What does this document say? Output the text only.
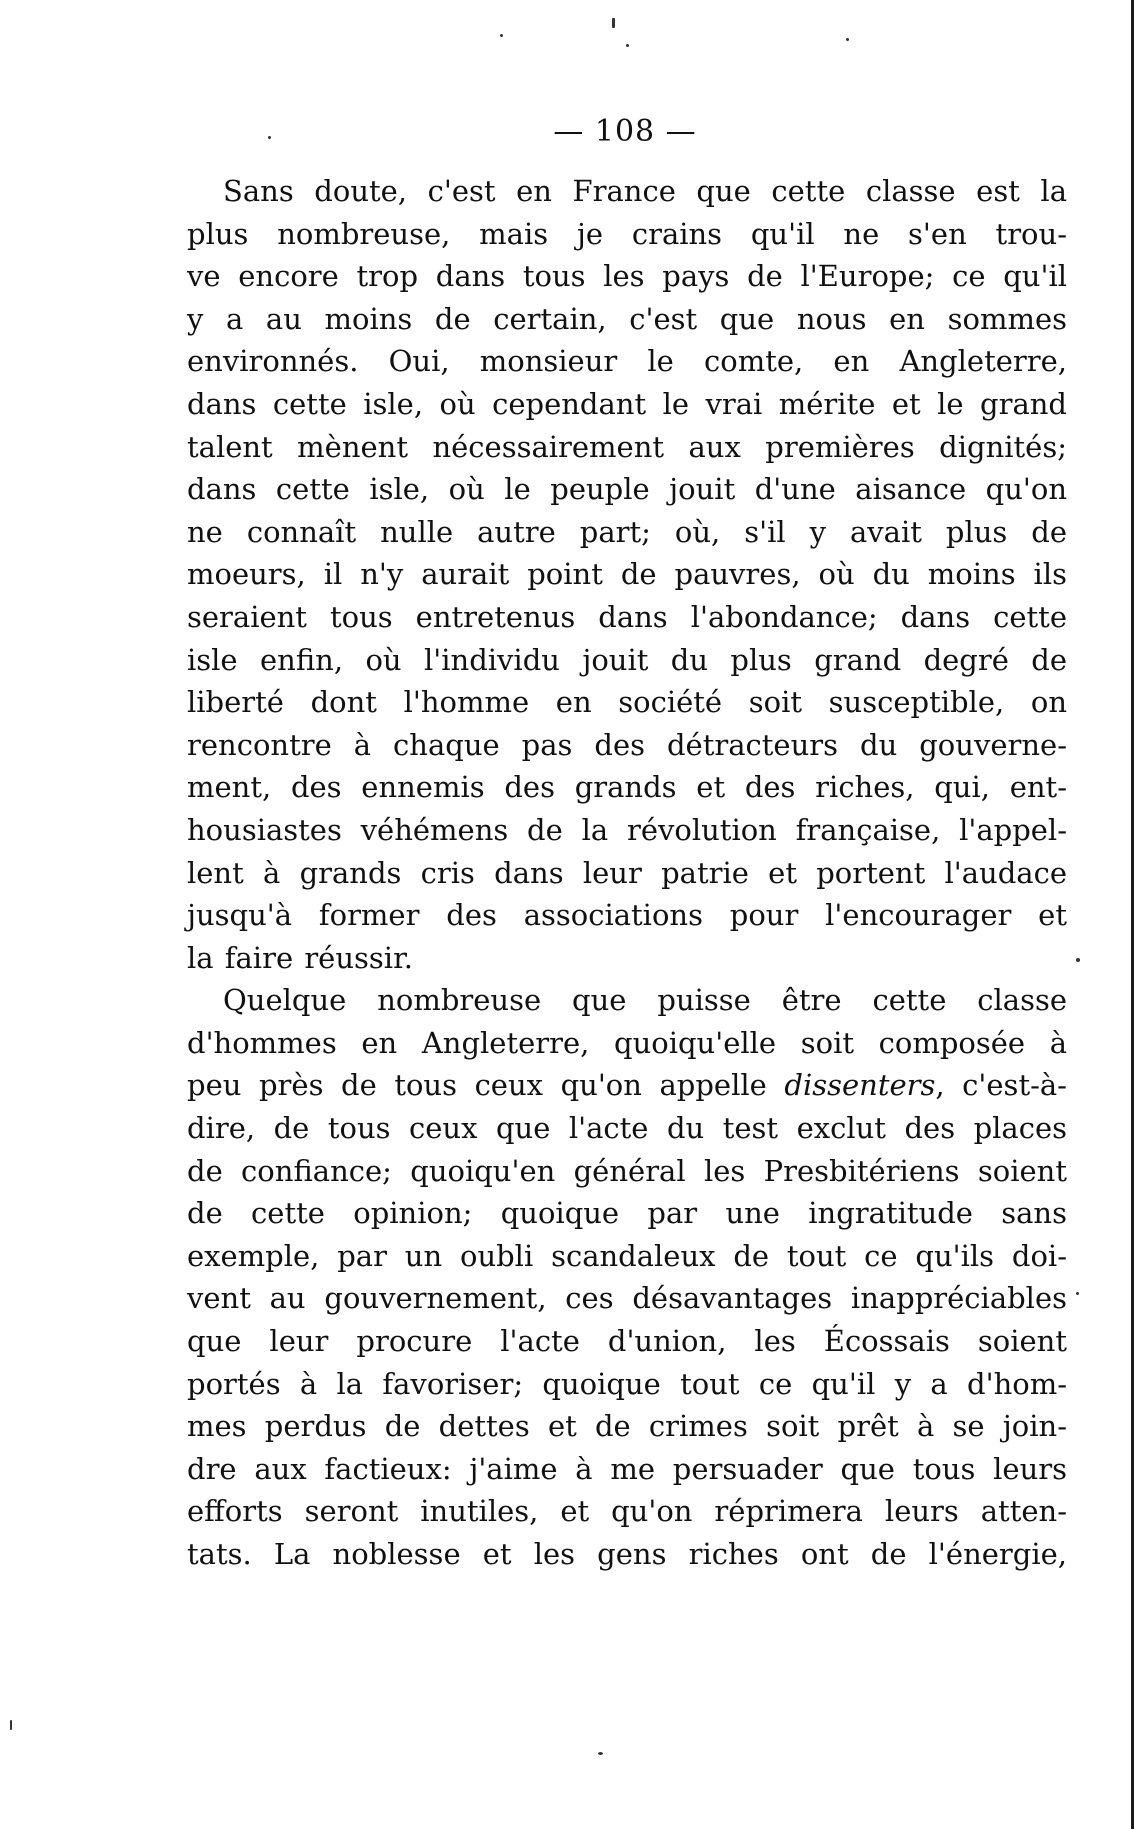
— 108 —

Sans doute, c'est en France que cette classe est la
plus nombreuse, mais je crains qu'il ne s'en trou-
ve encore trop dans tous les pays de l'Europe; ce qu'il
y a au moins de certain, c'est que nous en sommes
environnés. Oui, monsieur le comte, en Angleterre,
dans cette isle, où cependant le vrai mérite et le grand
talent mènent nécessairement aux premières dignités;
dans cette isle, où le peuple jouit d'une aisance qu'on
ne connaît nulle autre part; où, s'il y avait plus de
moeurs, il n'y aurait point de pauvres, où du moins ils
seraient tous entretenus dans l'abondance; dans cette
isle enfin, où l'individu jouit du plus grand degré de
liberté dont l'homme en société soit susceptible, on
rencontre à chaque pas des détracteurs du gouverne-
ment, des ennemis des grands et des riches, qui, ent-
housiastes véhémens de la révolution française, l'appel-
lent à grands cris dans leur patrie et portent l'audace
jusqu'à former des associations pour l'encourager et
la faire réussir.
Quelque nombreuse que puisse être cette classe
d'hommes en Angleterre, quoiqu'elle soit composée à
peu près de tous ceux qu'on appelle dissenters, c'est-à-
dire, de tous ceux que l'acte du test exclut des places
de confiance; quoiqu'en général les Presbitériens soient
de cette opinion; quoique par une ingratitude sans
exemple, par un oubli scandaleux de tout ce qu'ils doi-
vent au gouvernement, ces désavantages inappréciables
que leur procure l'acte d'union, les Écossais soient
portés à la favoriser; quoique tout ce qu'il y a d'hom-
mes perdus de dettes et de crimes soit prêt à se join-
dre aux factieux: j'aime à me persuader que tous leurs
efforts seront inutiles, et qu'on réprimera leurs atten-
tats. La noblesse et les gens riches ont de l'énergie,
